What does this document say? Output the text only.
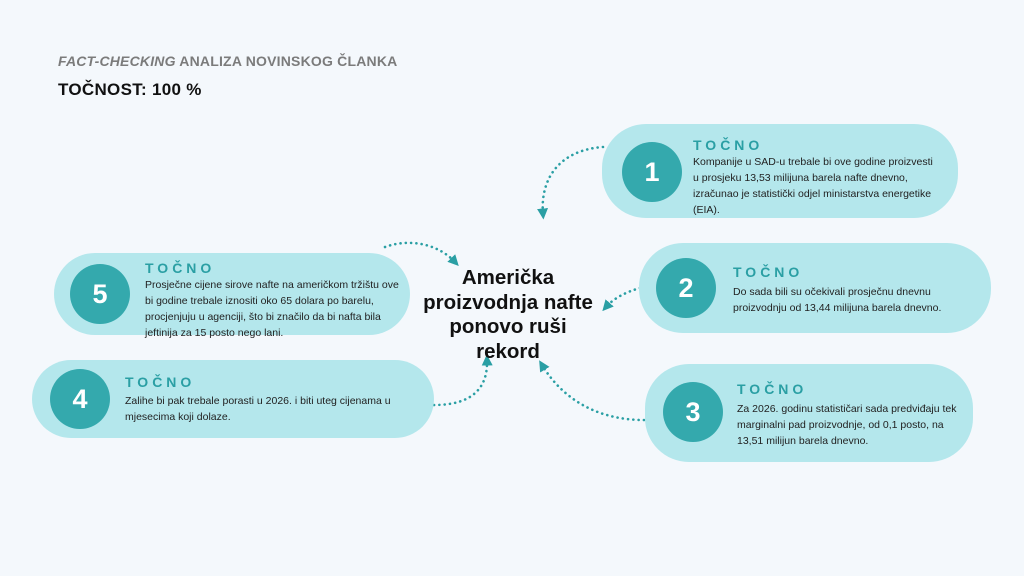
FACT-CHECKING ANALIZA NOVINSKOG ČLANKA

TOČNOST: 100 %

Američka proizvodnja nafte ponovo ruši rekord
1

TOČNO

Kompanije u SAD-u trebale bi ove godine proizvesti u prosjeku 13,53 milijuna barela nafte dnevno, izračunao je statistički odjel ministarstva energetike (EIA).

2

TOČNO

Do sada bili su očekivali prosječnu dnevnu proizvodnju od 13,44 milijuna barela dnevno.

3

TOČNO

Za 2026. godinu statističari sada predviđaju tek marginalni pad proizvodnje, od 0,1 posto, na 13,51 milijun barela dnevno.

4

TOČNO

Zalihe bi pak trebale porasti u 2026. i biti uteg cijenama u mjesecima koji dolaze.

5

TOČNO

Prosječne cijene sirove nafte na američkom tržištu ove bi godine trebale iznositi oko 65 dolara po barelu, procjenjuju u agenciji, što bi značilo da bi nafta bila jeftinija za 15 posto nego lani.
